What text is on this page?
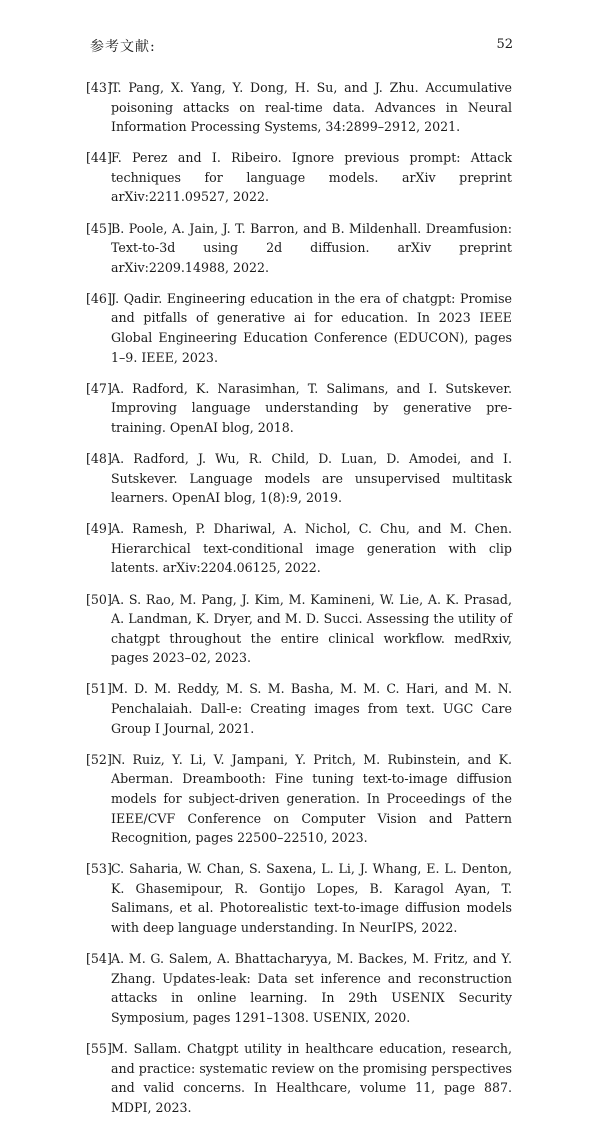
参考文献:	52
[43] T. Pang, X. Yang, Y. Dong, H. Su, and J. Zhu. Accumulative poisoning attacks on real-time data. Advances in Neural Information Processing Systems, 34:2899–2912, 2021.
[44] F. Perez and I. Ribeiro. Ignore previous prompt: Attack techniques for language models. arXiv preprint arXiv:2211.09527, 2022.
[45] B. Poole, A. Jain, J. T. Barron, and B. Mildenhall. Dreamfusion: Text-to-3d using 2d diffusion. arXiv preprint arXiv:2209.14988, 2022.
[46] J. Qadir. Engineering education in the era of chatgpt: Promise and pitfalls of generative ai for education. In 2023 IEEE Global Engineering Education Conference (EDUCON), pages 1–9. IEEE, 2023.
[47] A. Radford, K. Narasimhan, T. Salimans, and I. Sutskever. Improving language understanding by generative pre-training. OpenAI blog, 2018.
[48] A. Radford, J. Wu, R. Child, D. Luan, D. Amodei, and I. Sutskever. Language models are unsupervised multitask learners. OpenAI blog, 1(8):9, 2019.
[49] A. Ramesh, P. Dhariwal, A. Nichol, C. Chu, and M. Chen. Hierarchical text-conditional image generation with clip latents. arXiv:2204.06125, 2022.
[50] A. S. Rao, M. Pang, J. Kim, M. Kamineni, W. Lie, A. K. Prasad, A. Landman, K. Dryer, and M. D. Succi. Assessing the utility of chatgpt throughout the entire clinical workflow. medRxiv, pages 2023–02, 2023.
[51] M. D. M. Reddy, M. S. M. Basha, M. M. C. Hari, and M. N. Penchalaiah. Dall-e: Creating images from text. UGC Care Group I Journal, 2021.
[52] N. Ruiz, Y. Li, V. Jampani, Y. Pritch, M. Rubinstein, and K. Aberman. Dreambooth: Fine tuning text-to-image diffusion models for subject-driven generation. In Proceedings of the IEEE/CVF Conference on Computer Vision and Pattern Recognition, pages 22500–22510, 2023.
[53] C. Saharia, W. Chan, S. Saxena, L. Li, J. Whang, E. L. Denton, K. Ghasemipour, R. Gontijo Lopes, B. Karagol Ayan, T. Salimans, et al. Photorealistic text-to-image diffusion models with deep language understanding. In NeurIPS, 2022.
[54] A. M. G. Salem, A. Bhattacharyya, M. Backes, M. Fritz, and Y. Zhang. Updates-leak: Data set inference and reconstruction attacks in online learning. In 29th USENIX Security Symposium, pages 1291–1308. USENIX, 2020.
[55] M. Sallam. Chatgpt utility in healthcare education, research, and practice: systematic review on the promising perspectives and valid concerns. In Healthcare, volume 11, page 887. MDPI, 2023.
